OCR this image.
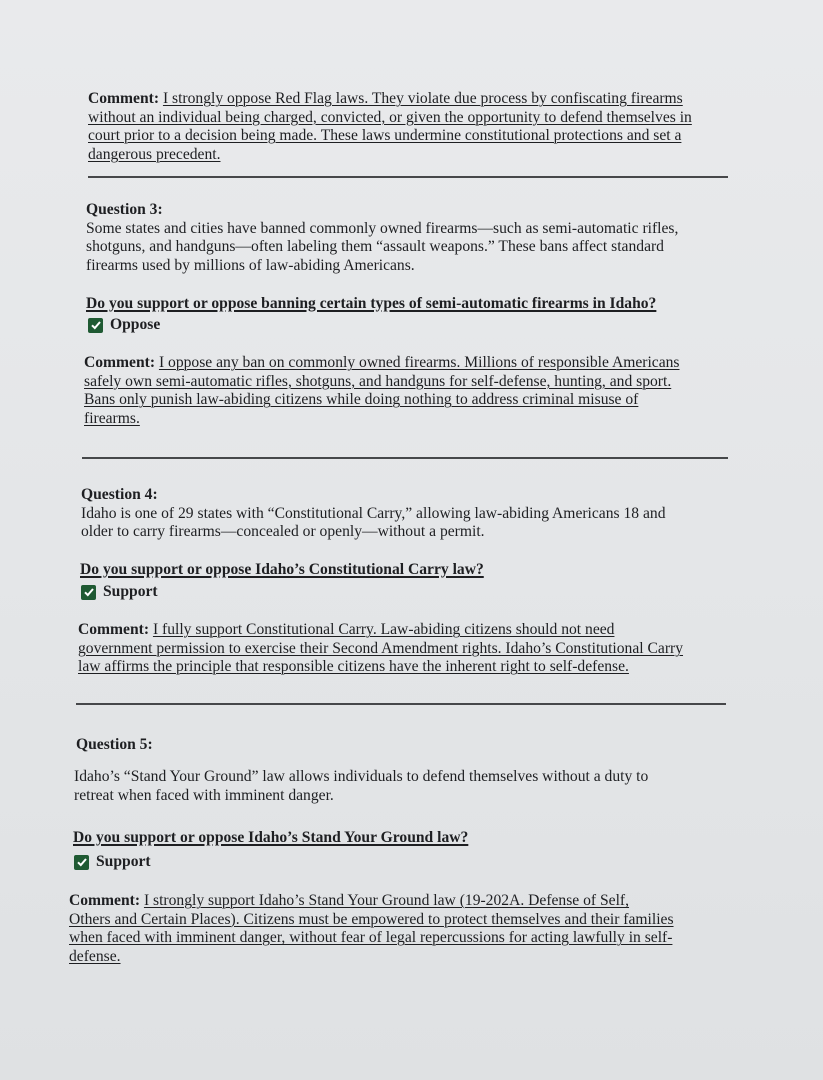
Comment: I strongly oppose Red Flag laws. They violate due process by confiscating firearms
without an individual being charged, convicted, or given the opportunity to defend themselves in
court prior to a decision being made. These laws undermine constitutional protections and set a
dangerous precedent.
Question 3:
Some states and cities have banned commonly owned firearms—such as semi-automatic rifles,
shotguns, and handguns—often labeling them “assault weapons.” These bans affect standard
firearms used by millions of law-abiding Americans.
Do you support or oppose banning certain types of semi-automatic firearms in Idaho?
Oppose
Comment: I oppose any ban on commonly owned firearms. Millions of responsible Americans
safely own semi-automatic rifles, shotguns, and handguns for self-defense, hunting, and sport.
Bans only punish law-abiding citizens while doing nothing to address criminal misuse of
firearms.
Question 4:
Idaho is one of 29 states with “Constitutional Carry,” allowing law-abiding Americans 18 and
older to carry firearms—concealed or openly—without a permit.
Do you support or oppose Idaho’s Constitutional Carry law?
Support
Comment: I fully support Constitutional Carry. Law-abiding citizens should not need
government permission to exercise their Second Amendment rights. Idaho’s Constitutional Carry
law affirms the principle that responsible citizens have the inherent right to self-defense.
Question 5:
Idaho’s “Stand Your Ground” law allows individuals to defend themselves without a duty to
retreat when faced with imminent danger.
Do you support or oppose Idaho’s Stand Your Ground law?
Support
Comment: I strongly support Idaho’s Stand Your Ground law (19-202A. Defense of Self,
Others and Certain Places). Citizens must be empowered to protect themselves and their families
when faced with imminent danger, without fear of legal repercussions for acting lawfully in self-
defense.
